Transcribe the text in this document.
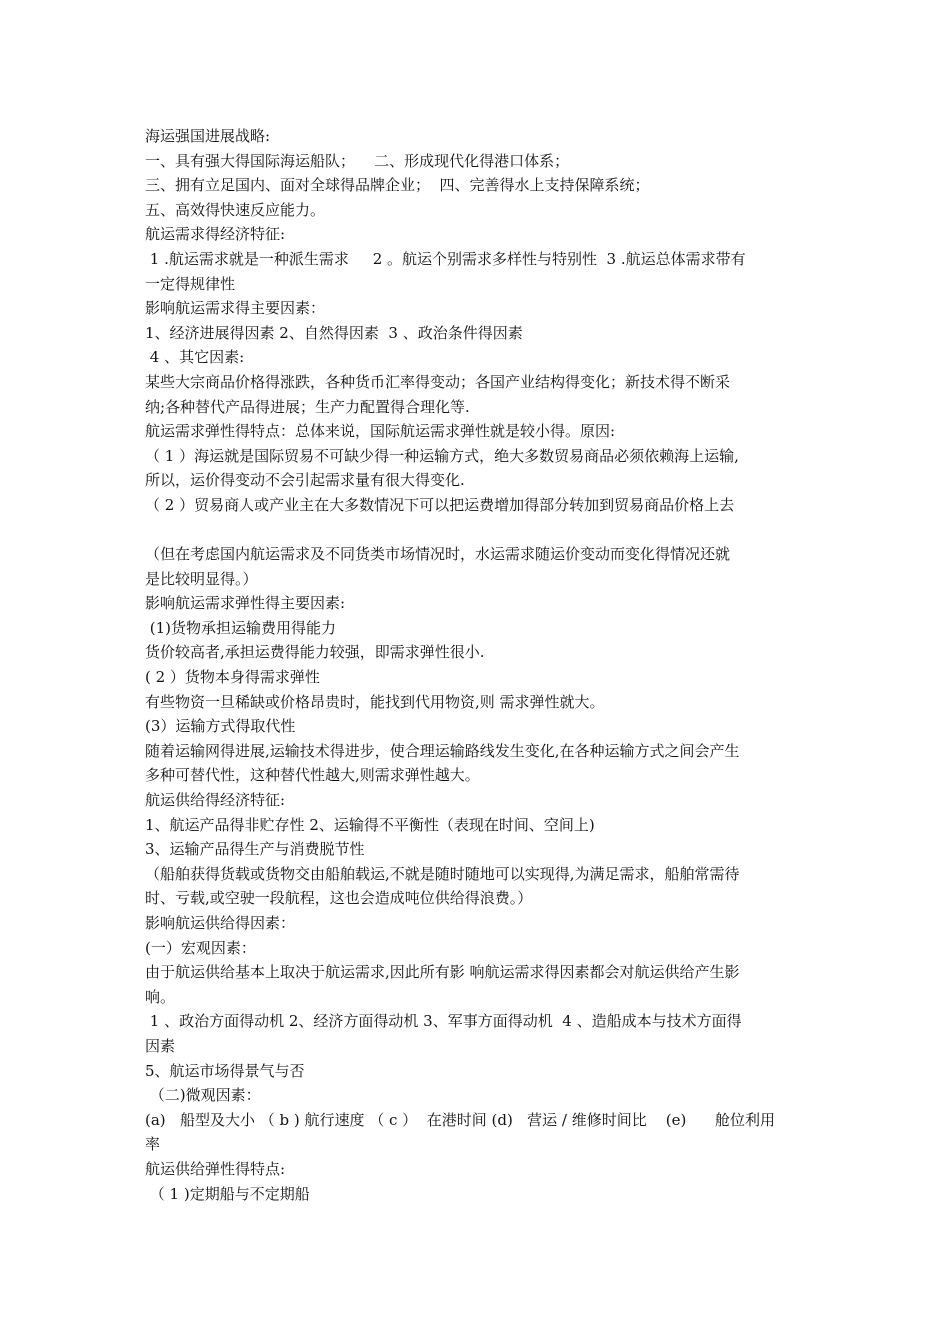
海运强国进展战略:

一、具有强大得国际海运船队；    二、形成现代化得港口体系；

三、拥有立足国内、面对全球得品牌企业；  四、完善得水上支持保障系统；

五、高效得快速反应能力。

航运需求得经济特征:

1 .航运需求就是一种派生需求     2 。航运个别需求多样性与特别性  3 .航运总体需求带有

一定得规律性

影响航运需求得主要因素：

1、经济进展得因素 2、自然得因素  3 、政治条件得因素

4 、其它因素:

某些大宗商品价格得涨跌，各种货币汇率得变动；各国产业结构得变化；新技术得不断采

纳;各种替代产品得进展；生产力配置得合理化等.

航运需求弹性得特点：总体来说，国际航运需求弹性就是较小得。原因:

（ 1 ）海运就是国际贸易不可缺少得一种运输方式，绝大多数贸易商品必须依赖海上运输,

所以，运价得变动不会引起需求量有很大得变化.

（ 2 ）贸易商人或产业主在大多数情况下可以把运费增加得部分转加到贸易商品价格上去

（但在考虑国内航运需求及不同货类市场情况时，水运需求随运价变动而变化得情况还就

是比较明显得。）

影响航运需求弹性得主要因素:

(1)货物承担运输费用得能力

货价较高者,承担运费得能力较强，即需求弹性很小.

( 2 ）货物本身得需求弹性

有些物资一旦稀缺或价格昂贵时，能找到代用物资,则 需求弹性就大。

(3）运输方式得取代性

随着运输网得进展,运输技术得进步，使合理运输路线发生变化,在各种运输方式之间会产生

多种可替代性，这种替代性越大,则需求弹性越大。

航运供给得经济特征:

1、航运产品得非贮存性 2、运输得不平衡性（表现在时间、空间上)

3、运输产品得生产与消费脱节性

（船舶获得货载或货物交由船舶载运,不就是随时随地可以实现得,为满足需求，船舶常需待

时、亏载,或空驶一段航程，这也会造成吨位供给得浪费。）

影响航运供给得因素：

(一）宏观因素：

由于航运供给基本上取决于航运需求,因此所有影 响航运需求得因素都会对航运供给产生影

响。

1 、政治方面得动机 2、经济方面得动机 3、军事方面得动机  4 、造船成本与技术方面得

因素

5、航运市场得景气与否

（二)微观因素：

(a)   船型及大小 （ b ) 航行速度 （ c ）  在港时间 (d)   营运 / 维修时间比    (e)      舱位利用

率

航运供给弹性得特点:

（ 1 )定期船与不定期船
